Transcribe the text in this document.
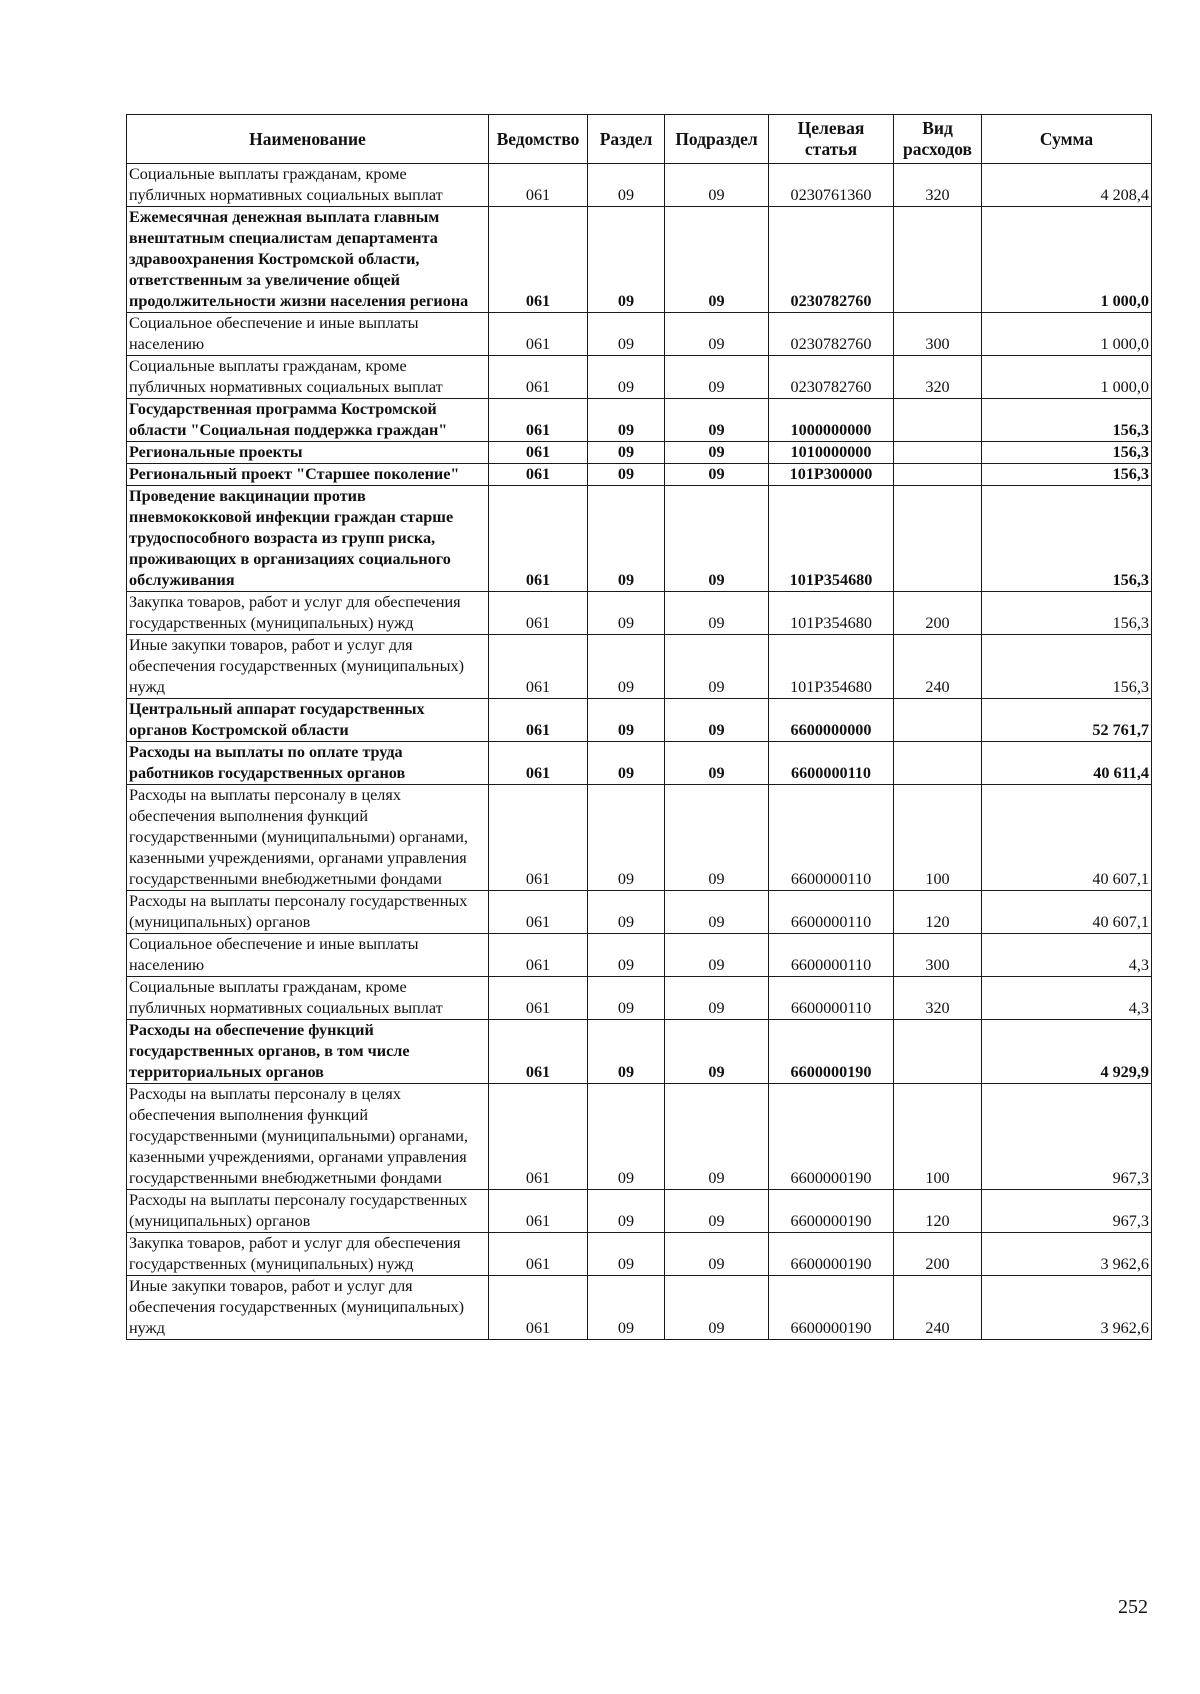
Наименование	Ведомство	Раздел	Подраздел	Целевая статья	Вид расходов	Сумма
Социальные выплаты гражданам, кроме публичных нормативных социальных выплат	061	09	09	0230761360	320	4 208,4
Ежемесячная денежная выплата главным внештатным специалистам департамента здравоохранения Костромской области, ответственным за увеличение общей продолжительности жизни населения региона	061	09	09	0230782760		1 000,0
Социальное обеспечение и иные выплаты населению	061	09	09	0230782760	300	1 000,0
Социальные выплаты гражданам, кроме публичных нормативных социальных выплат	061	09	09	0230782760	320	1 000,0
Государственная программа Костромской области "Социальная поддержка граждан"	061	09	09	1000000000		156,3
Региональные проекты	061	09	09	1010000000		156,3
Региональный проект "Старшее поколение"	061	09	09	101P300000		156,3
Проведение вакцинации против пневмококковой инфекции граждан старше трудоспособного возраста из групп риска, проживающих в организациях социального обслуживания	061	09	09	101P354680		156,3
Закупка товаров, работ и услуг для обеспечения государственных (муниципальных) нужд	061	09	09	101P354680	200	156,3
Иные закупки товаров, работ и услуг для обеспечения государственных (муниципальных) нужд	061	09	09	101P354680	240	156,3
Центральный аппарат государственных органов Костромской области	061	09	09	6600000000		52 761,7
Расходы на выплаты по оплате труда работников государственных органов	061	09	09	6600000110		40 611,4
Расходы на выплаты персоналу в целях обеспечения выполнения функций государственными (муниципальными) органами, казенными учреждениями, органами управления государственными внебюджетными фондами	061	09	09	6600000110	100	40 607,1
Расходы на выплаты персоналу государственных (муниципальных) органов	061	09	09	6600000110	120	40 607,1
Социальное обеспечение и иные выплаты населению	061	09	09	6600000110	300	4,3
Социальные выплаты гражданам, кроме публичных нормативных социальных выплат	061	09	09	6600000110	320	4,3
Расходы на обеспечение функций государственных органов, в том числе территориальных органов	061	09	09	6600000190		4 929,9
Расходы на выплаты персоналу в целях обеспечения выполнения функций государственными (муниципальными) органами, казенными учреждениями, органами управления государственными внебюджетными фондами	061	09	09	6600000190	100	967,3
Расходы на выплаты персоналу государственных (муниципальных) органов	061	09	09	6600000190	120	967,3
Закупка товаров, работ и услуг для обеспечения государственных (муниципальных) нужд	061	09	09	6600000190	200	3 962,6
Иные закупки товаров, работ и услуг для обеспечения государственных (муниципальных) нужд	061	09	09	6600000190	240	3 962,6
252
